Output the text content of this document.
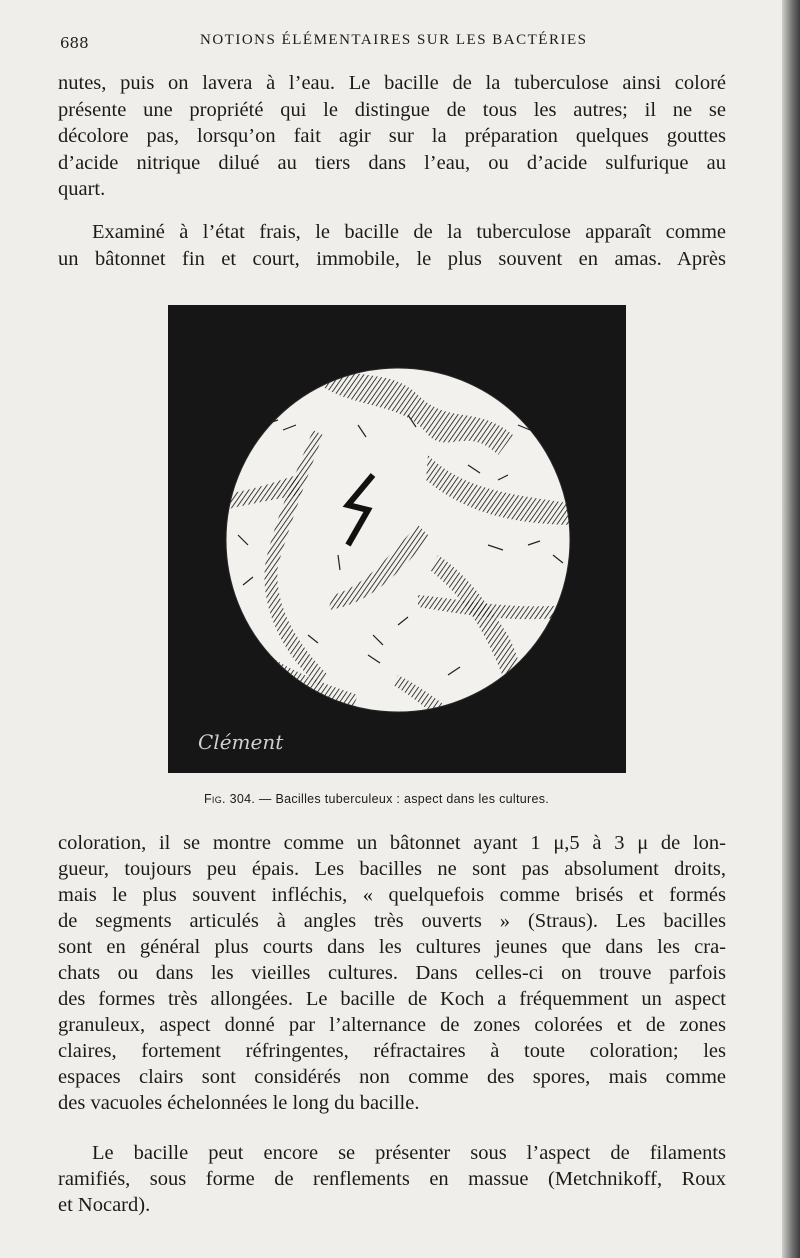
688	NOTIONS ÉLÉMENTAIRES SUR LES BACTÉRIES

nutes, puis on lavera à l’eau. Le bacille de la tuberculose ainsi coloré
présente une propriété qui le distingue de tous les autres; il ne se
décolore pas, lorsqu’on fait agir sur la préparation quelques gouttes
d’acide nitrique dilué au tiers dans l’eau, ou d’acide sulfurique au
quart.

Examiné à l’état frais, le bacille de la tuberculose apparaît comme
un bâtonnet fin et court, immobile, le plus souvent en amas. Après

Clément
Fig. 304. — Bacilles tuberculeux : aspect dans les cultures.

coloration, il se montre comme un bâtonnet ayant 1 μ,5 à 3 μ de lon-
gueur, toujours peu épais. Les bacilles ne sont pas absolument droits,
mais le plus souvent infléchis, « quelquefois comme brisés et formés
de segments articulés à angles très ouverts » (Straus). Les bacilles
sont en général plus courts dans les cultures jeunes que dans les cra-
chats ou dans les vieilles cultures. Dans celles-ci on trouve parfois
des formes très allongées. Le bacille de Koch a fréquemment un aspect
granuleux, aspect donné par l’alternance de zones colorées et de zones
claires, fortement réfringentes, réfractaires à toute coloration; les
espaces clairs sont considérés non comme des spores, mais comme
des vacuoles échelonnées le long du bacille.

Le bacille peut encore se présenter sous l’aspect de filaments
ramifiés, sous forme de renflements en massue (Metchnikoff, Roux
et Nocard).
